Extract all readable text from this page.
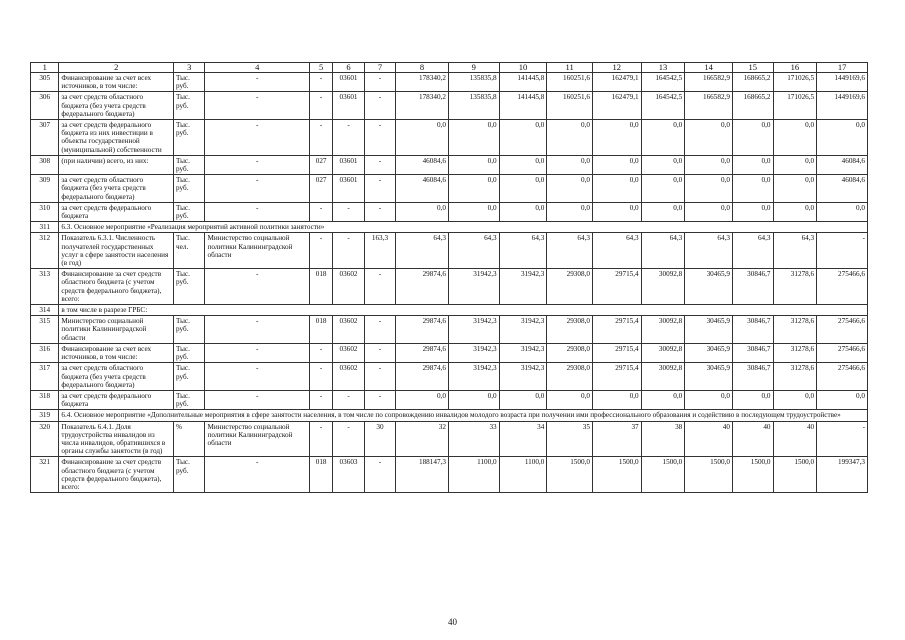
1	2	3	4	5	6	7	8	9	10	11	12	13	14	15	16	17
305	Финансирование за счет всех источников, в том числе:	Тыс. руб.	-	-	03601	-	178340,2	135835,8	141445,8	160251,6	162479,1	164542,5	166582,9	168665,2	171026,5	1449169,6
306	за счет средств областного бюджета (без учета средств федерального бюджета)	Тыс. руб.	-	-	03601	-	178340,2	135835,8	141445,8	160251,6	162479,1	164542,5	166582,9	168665,2	171026,5	1449169,6
307	за счет средств федерального бюджета из них инвестиции в объекты государственной (муниципальной) собственности	Тыс. руб.	-	-	-	-	0,0	0,0	0,0	0,0	0,0	0,0	0,0	0,0	0,0	0,0
308	(при наличии) всего, из них:	Тыс. руб.	-	027	03601	-	46084,6	0,0	0,0	0,0	0,0	0,0	0,0	0,0	0,0	46084,6
309	за счет средств областного бюджета (без учета средств федерального бюджета)	Тыс. руб.	-	027	03601	-	46084,6	0,0	0,0	0,0	0,0	0,0	0,0	0,0	0,0	46084,6
310	за счет средств федерального бюджета	Тыс. руб.	-	-	-	-	0,0	0,0	0,0	0,0	0,0	0,0	0,0	0,0	0,0	0,0
311	6.3. Основное мероприятие «Реализация мероприятий активной политики занятости»															
312	Показатель 6.3.1. Численность получателей государственных услуг в сфере занятости населения (в год)	Тыс. чел.	Министерство социальной политики Калининградской области	-	-	163,3	64,3	64,3	64,3	64,3	64,3	64,3	64,3	64,3	64,3	-
313	Финансирование за счет средств областного бюджета (с учетом средств федерального бюджета), всего:	Тыс. руб.	-	018	03602	-	29874,6	31942,3	31942,3	29308,0	29715,4	30092,8	30465,9	30846,7	31278,6	275466,6
314	в том числе в разрезе ГРБС:															
315	Министерство социальной политики Калининградской области	Тыс. руб.	-	018	03602	-	29874,6	31942,3	31942,3	29308,0	29715,4	30092,8	30465,9	30846,7	31278,6	275466,6
316	Финансирование за счет всех источников, в том числе:	Тыс. руб.	-	-	03602	-	29874,6	31942,3	31942,3	29308,0	29715,4	30092,8	30465,9	30846,7	31278,6	275466,6
317	за счет средств областного бюджета (без учета средств федерального бюджета)	Тыс. руб.	-	-	03602	-	29874,6	31942,3	31942,3	29308,0	29715,4	30092,8	30465,9	30846,7	31278,6	275466,6
318	за счет средств федерального бюджета	Тыс. руб.	-	-	-	-	0,0	0,0	0,0	0,0	0,0	0,0	0,0	0,0	0,0	0,0
319	6.4. Основное мероприятие «Дополнительные мероприятия в сфере занятости населения, в том числе по сопровождению инвалидов молодого возраста при получении ими профессионального образования и содействию в последующем трудоустройстве»															
320	Показатель 6.4.1. Доля трудоустройства инвалидов из числа инвалидов, обратившихся в органы службы занятости (в год)	%	Министерство социальной политики Калининградской области	-	-	30	32	33	34	35	37	38	40	40	40	-
321	Финансирование за счет средств областного бюджета (с учетом средств федерального бюджета), всего:	Тыс. руб.	-	018	03603	-	188147,3	1100,0	1100,0	1500,0	1500,0	1500,0	1500,0	1500,0	1500,0	199347,3
40
